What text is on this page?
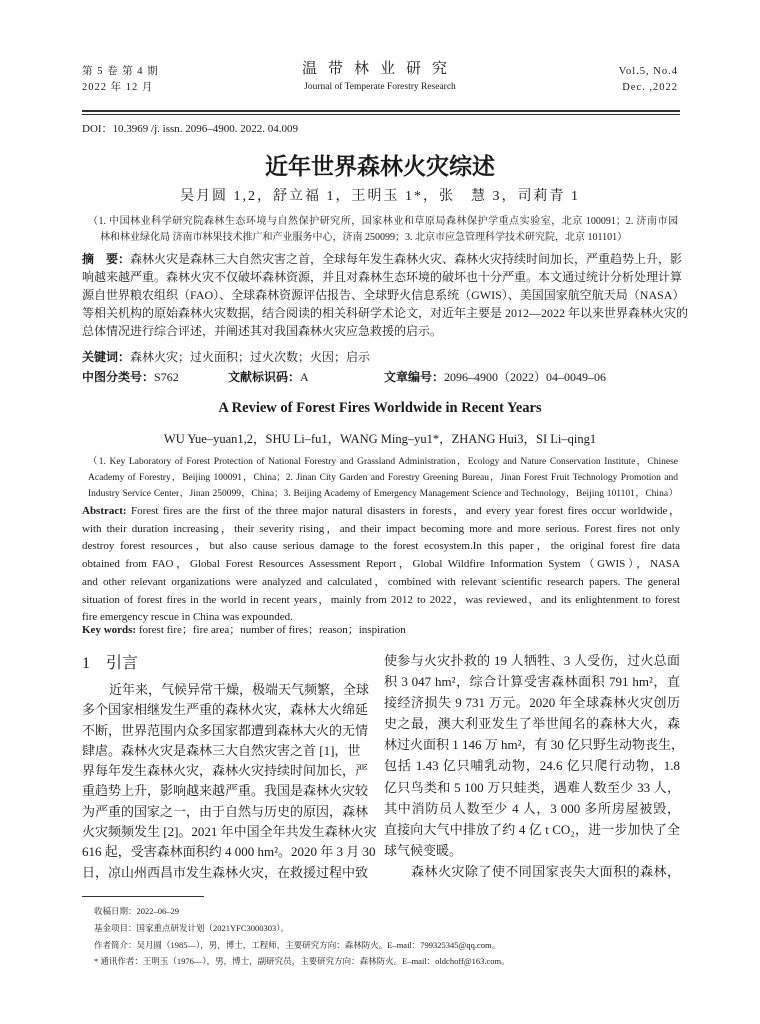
第 5 卷 第 4 期
2022 年 12 月
温带林业研究
Journal of Temperate Forestry Research
Vol.5, No.4
Dec. ,2022
DOI：10.3969 /j. issn. 2096–4900. 2022. 04.009
近年世界森林火灾综述
吴月圆 1,2，舒立福 1，王明玉 1*，张　慧 3，司莉青 1
（1. 中国林业科学研究院森林生态环境与自然保护研究所，国家林业和草原局森林保护学重点实验室，北京 100091；2. 济南市园
林和林业绿化局 济南市林果技术推广和产业服务中心，济南 250099；3. 北京市应急管理科学技术研究院，北京 101101）
摘　要：森林火灾是森林三大自然灾害之首，全球每年发生森林火灾、森林火灾持续时间加长，严重趋势上升，影
响越来越严重。森林火灾不仅破坏森林资源，并且对森林生态环境的破坏也十分严重。本文通过统计分析处理计算
源自世界粮农组织（FAO）、全球森林资源评估报告、全球野火信息系统（GWIS）、美国国家航空航天局（NASA）
等相关机构的原始森林火灾数据，结合阅读的相关科研学术论文，对近年主要是 2012—2022 年以来世界森林火灾的
总体情况进行综合评述，并阐述其对我国森林火灾应急救援的启示。
关键词：森林火灾；过火面积；过火次数；火因；启示
中图分类号：S762	文献标识码：A	文章编号：2096–4900（2022）04–0049–06
A Review of Forest Fires Worldwide in Recent Years
WU Yue–yuan1,2，SHU Li–fu1，WANG Ming–yu1*，ZHANG Hui3，SI Li–qing1
（1. Key Laboratory of Forest Protection of National Forestry and Grassland Administration，Ecology and Nature Conservation Institute，Chinese
Academy of Forestry，Beijing 100091，China；2. Jinan City Garden and Forestry Greening Bureau，Jinan Forest Fruit Technology Promotion and
Industry Service Center，Jinan 250099，China；3. Beijing Academy of Emergency Management Science and Technology，Beijing 101101，China）
Abstract: Forest fires are the first of the three major natural disasters in forests，and every year forest fires occur worldwide，
with their duration increasing，their severity rising，and their impact becoming more and more serious. Forest fires not only
destroy forest resources，but also cause serious damage to the forest ecosystem.In this paper，the original forest fire data
obtained from FAO，Global Forest Resources Assessment Report，Global Wildfire Information System（GWIS），NASA
and other relevant organizations were analyzed and calculated，combined with relevant scientific research papers. The general
situation of forest fires in the world in recent years，mainly from 2012 to 2022，was reviewed，and its enlightenment to forest
fire emergency rescue in China was expounded.
Key words: forest fire；fire area；number of fires；reason；inspiration
1　引言
近年来，气候异常干燥，极端天气频繁，全球
多个国家相继发生严重的森林火灾，森林大火绵延
不断，世界范围内众多国家都遭到森林大火的无情
肆虐。森林火灾是森林三大自然灾害之首 [1]，世
界每年发生森林火灾，森林火灾持续时间加长，严
重趋势上升，影响越来越严重。我国是森林火灾较
为严重的国家之一，由于自然与历史的原因，森林
火灾频频发生 [2]。2021 年中国全年共发生森林火灾
616 起，受害森林面积约 4 000 hm²。2020 年 3 月 30
日，凉山州西昌市发生森林火灾，在救援过程中致
使参与火灾扑救的 19 人牺牲、3 人受伤，过火总面
积 3 047 hm²，综合计算受害森林面积 791 hm²，直
接经济损失 9 731 万元。2020 年全球森林火灾创历
史之最，澳大利亚发生了举世闻名的森林大火，森
林过火面积 1 146 万 hm²，有 30 亿只野生动物丧生，
包括 1.43 亿只哺乳动物，24.6 亿只爬行动物，1.8
亿只鸟类和 5 100 万只蛙类，遇难人数至少 33 人，
其中消防员人数至少 4 人，3 000 多所房屋被毁，
直接向大气中排放了约 4 亿 t CO₂，进一步加快了全
球气候变暖。
森林火灾除了使不同国家丧失大面积的森林，
收稿日期：2022–06–29
基金项目：国家重点研发计划（2021YFC3000303）。
作者简介：吴月圆（1985—），男，博士，工程师，主要研究方向：森林防火。E–mail：799325345@qq.com。
* 通讯作者：王明玉（1976—），男，博士，副研究员，主要研究方向：森林防火。E–mail：oldchoff@163.com。
